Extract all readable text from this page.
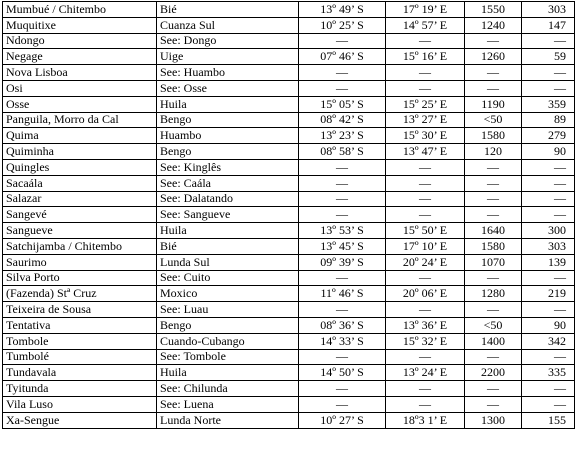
Mumbué / Chitembo	Bié	13º 49’ S	17º 19’ E	1550	303
Muquitixe	Cuanza Sul	10º 25’ S	14º 57’ E	1240	147
Ndongo	See: Dongo	—	—	—	—
Negage	Uige	07º 46’ S	15º 16’ E	1260	59
Nova Lisboa	See: Huambo	—	—	—	—
Osi	See: Osse	—	—	—	—
Osse	Huila	15º 05’ S	15º 25’ E	1190	359
Panguila, Morro da Cal	Bengo	08º 42’ S	13º 27’ E	<50	89
Quima	Huambo	13º 23’ S	15º 30’ E	1580	279
Quiminha	Bengo	08º 58’ S	13º 47’ E	120	90
Quingles	See: Kinglês	—	—	—	—
Sacaála	See: Caála	—	—	—	—
Salazar	See: Dalatando	—	—	—	—
Sangevé	See: Sangueve	—	—	—	—
Sangueve	Huila	13º 53’ S	15º 50’ E	1640	300
Satchijamba / Chitembo	Bié	13º 45’ S	17º 10’ E	1580	303
Saurimo	Lunda Sul	09º 39’ S	20º 24’ E	1070	139
Silva Porto	See: Cuito	—	—	—	—
(Fazenda) Stª Cruz	Moxico	11º 46’ S	20º 06’ E	1280	219
Teixeira de Sousa	See: Luau	—	—	—	—
Tentativa	Bengo	08º 36’ S	13º 36’ E	<50	90
Tombole	Cuando-Cubango	14º 33’ S	15º 32’ E	1400	342
Tumbolé	See: Tombole	—	—	—	—
Tundavala	Huila	14º 50’ S	13º 24’ E	2200	335
Tyitunda	See: Chilunda	—	—	—	—
Vila Luso	See: Luena	—	—	—	—
Xa-Sengue	Lunda Norte	10º 27’ S	18º3 1’ E	1300	155
